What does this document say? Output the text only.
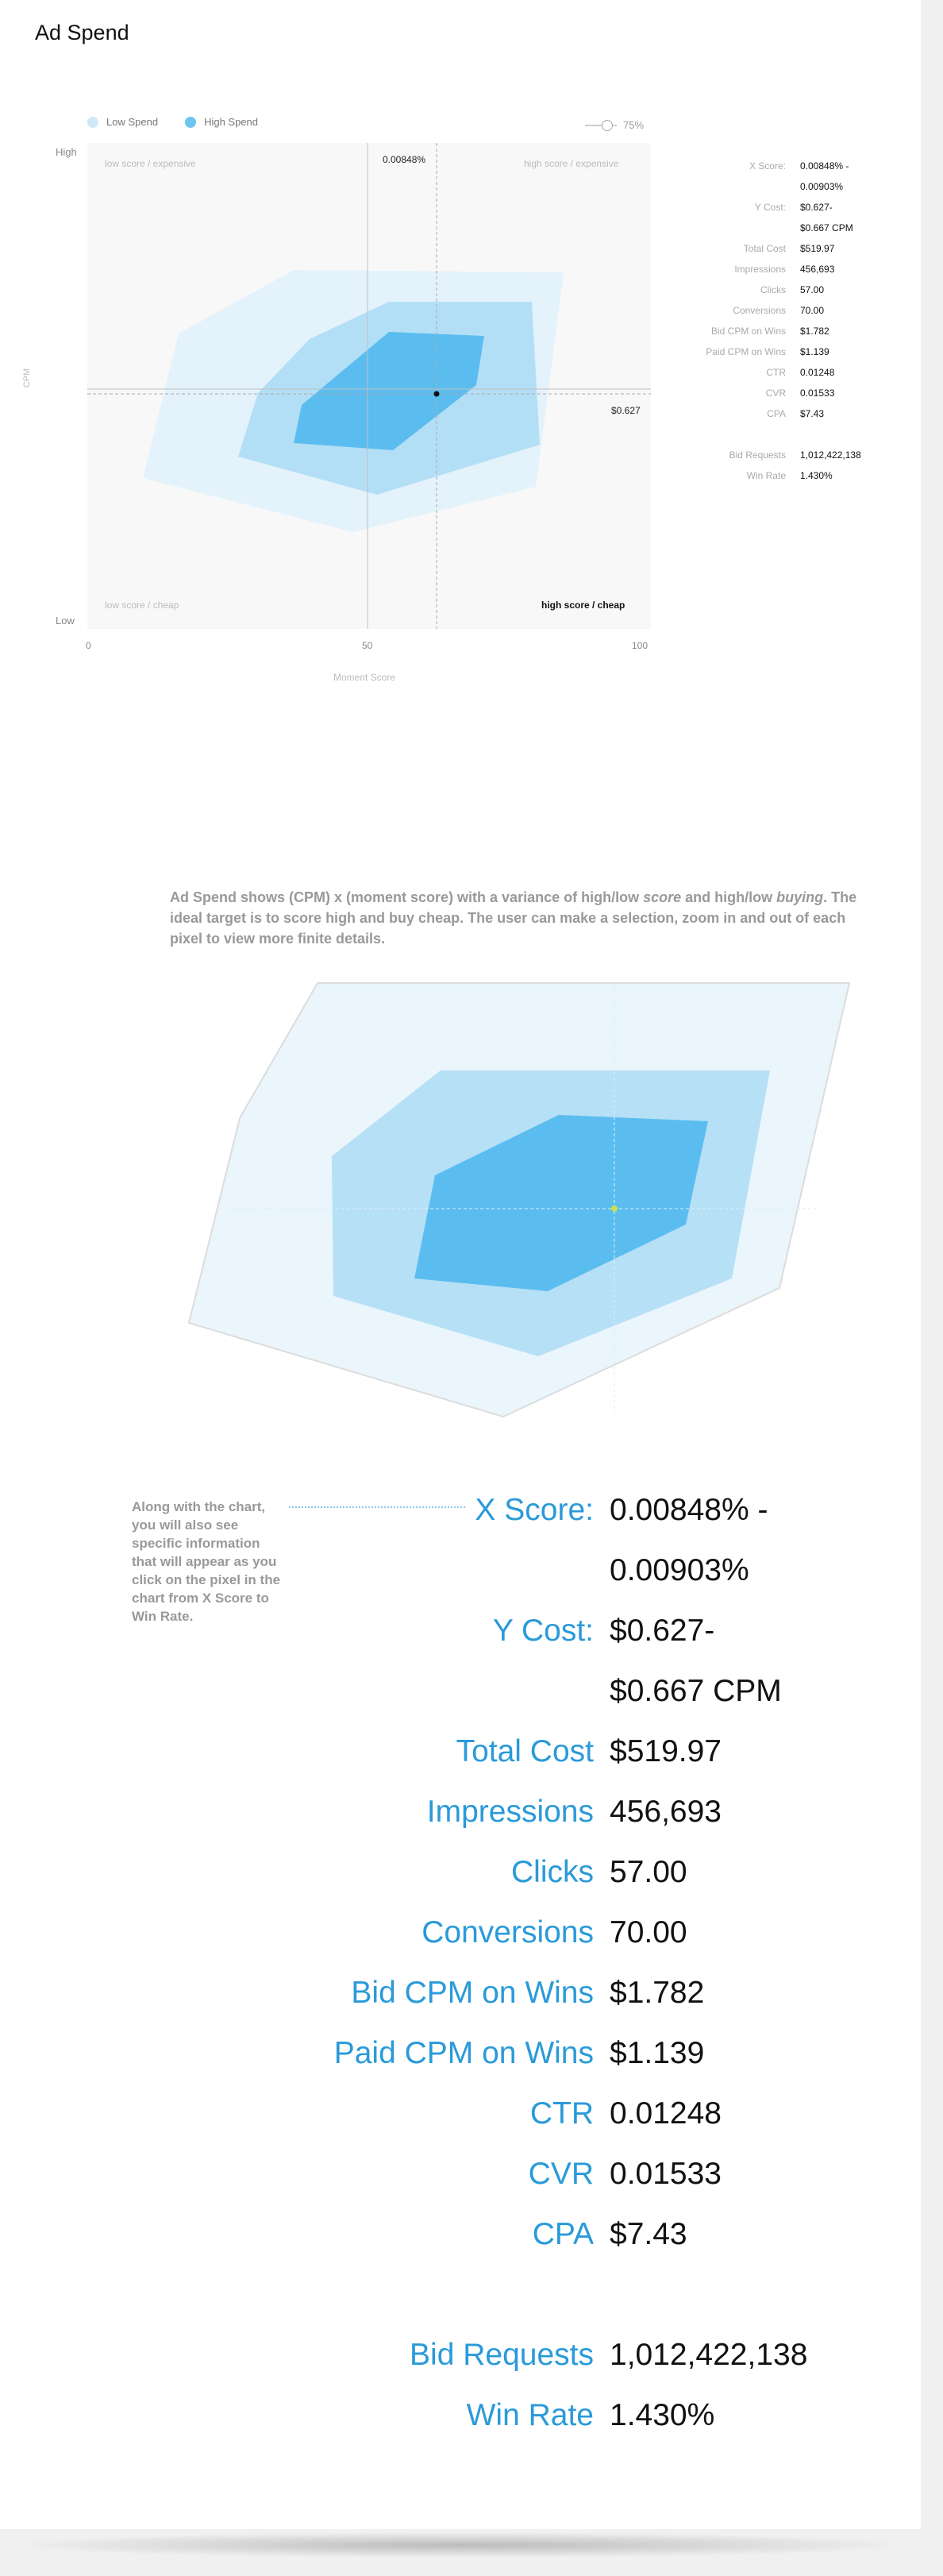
Ad Spend
Low Spend	High Spend	75%
High
Low
CPM
0	50	100
Moment Score
0.00848%
$0.627
low score / expensive	high score / expensive
low score / cheap	high score / cheap
X Score:	0.00848% -
0.00903%
Y Cost:	$0.627-
$0.667 CPM
Total Cost	$519.97
Impressions	456,693
Clicks	57.00
Conversions	70.00
Bid CPM on Wins	$1.782
Paid CPM on Wins	$1.139
CTR	0.01248
CVR	0.01533
CPA	$7.43
Bid Requests	1,012,422,138
Win Rate	1.430%
Ad Spend shows (CPM) x (moment score) with a variance of high/low score and high/low buying. The ideal target is to score high and buy cheap. The user can make a selection, zoom in and out of each pixel to view more finite details.
Along with the chart, you will also see specific information that will appear as you click on the pixel in the chart from X Score to Win Rate.
X Score: 0.00848% -
0.00903%
Y Cost: $0.627-
$0.667 CPM
Total Cost $519.97
Impressions 456,693
Clicks 57.00
Conversions 70.00
Bid CPM on Wins $1.782
Paid CPM on Wins $1.139
CTR 0.01248
CVR 0.01533
CPA $7.43
Bid Requests 1,012,422,138
Win Rate 1.430%
